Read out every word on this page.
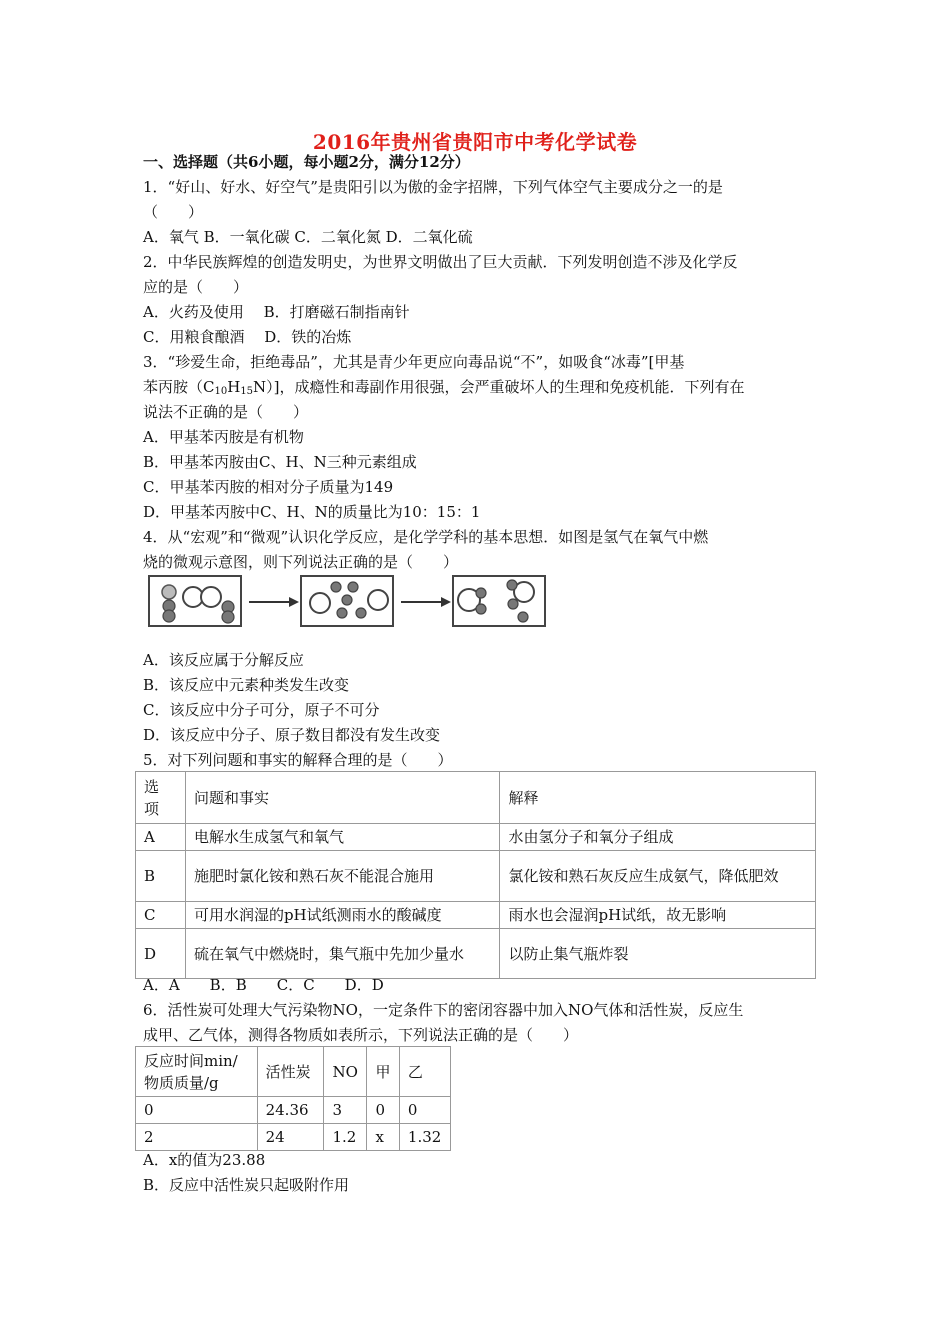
2016年贵州省贵阳市中考化学试卷
一、选择题（共6小题，每小题2分，满分12分）
1．“好山、好水、好空气”是贵阳引以为傲的金字招牌，下列气体空气主要成分之一的是
（　　）
A．氧气 B．一氧化碳 C．二氧化氮 D．二氧化硫
2．中华民族辉煌的创造发明史，为世界文明做出了巨大贡献．下列发明创造不涉及化学反
应的是（　　）
A．火药及使用　 B．打磨磁石制指南针
C．用粮食酿酒　 D．铁的冶炼
3．“珍爱生命，拒绝毒品”，尤其是青少年更应向毒品说“不”，如吸食“冰毒”[甲基
苯丙胺$(C_{10}H_{15}N)$]，成瘾性和毒副作用很强，会严重破坏人的生理和免疫机能．下列有在
说法不正确的是（　　）
A．甲基苯丙胺是有机物
B．甲基苯丙胺由C、H、N三种元素组成
C．甲基苯丙胺的相对分子质量为149
D．甲基苯丙胺中C、H、N的质量比为10：15：1
4．从“宏观”和“微观”认识化学反应，是化学学科的基本思想．如图是氢气在氧气中燃
烧的微观示意图，则下列说法正确的是（　　）
A．该反应属于分解反应
B．该反应中元素种类发生改变
C．该反应中分子可分，原子不可分
D．该反应中分子、原子数目都没有发生改变
5．对下列问题和事实的解释合理的是（　　）
选
项	问题和事实	解释
A	电解水生成氢气和氧气	水由氢分子和氧分子组成
B	施肥时氯化铵和熟石灰不能混合施用	氯化铵和熟石灰反应生成氨气，降低肥效
C	可用水润湿的pH试纸测雨水的酸碱度	雨水也会湿润pH试纸，故无影响
D	硫在氧气中燃烧时，集气瓶中先加少量水	以防止集气瓶炸裂
A．A　　B．B　　C．C　　D．D
6．活性炭可处理大气污染物NO，一定条件下的密闭容器中加入NO气体和活性炭，反应生
成甲、乙气体，测得各物质如表所示，下列说法正确的是（　　）
反应时间min/
物质质量/g	活性炭	NO	甲	乙
0	24.36	3	0	0
2	24	1.2	x	1.32
A．x的值为23.88
B．反应中活性炭只起吸附作用
